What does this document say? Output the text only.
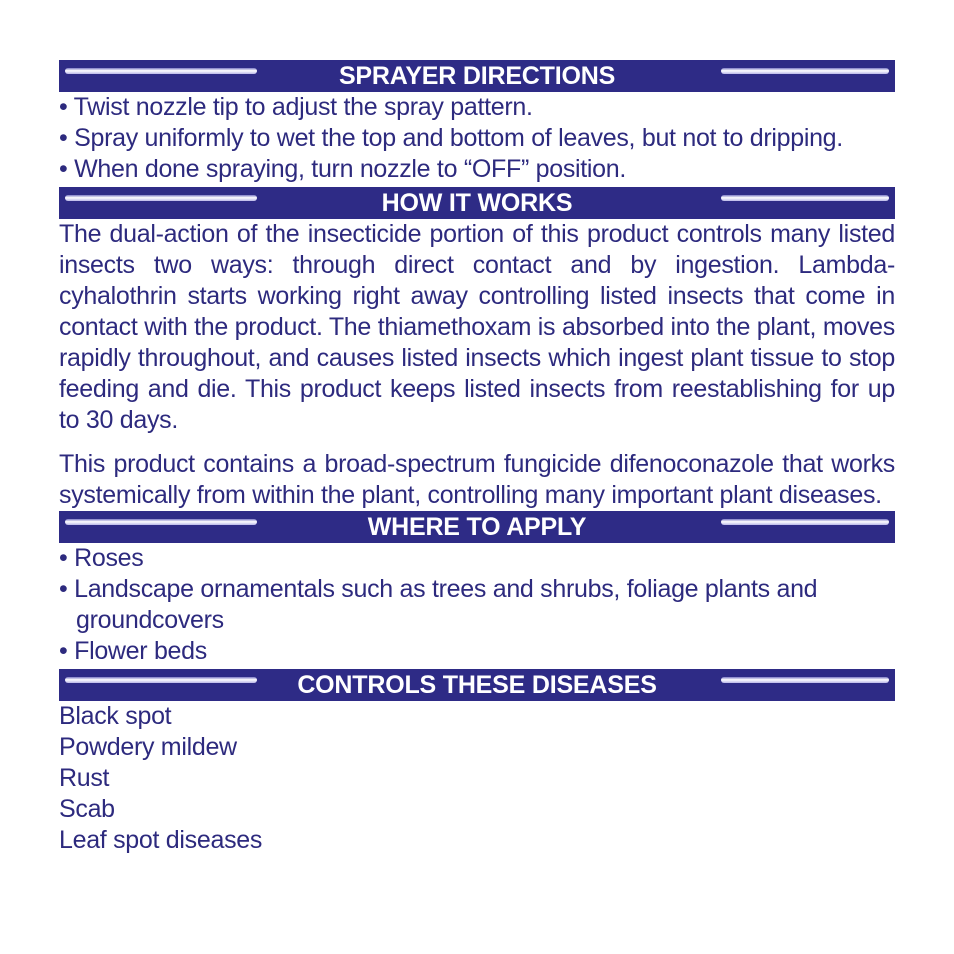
SPRAYER DIRECTIONS
• Twist nozzle tip to adjust the spray pattern.
• Spray uniformly to wet the top and bottom of leaves, but not to dripping.
• When done spraying, turn nozzle to “OFF” position.
HOW IT WORKS
The dual-action of the insecticide portion of this product controls many listed insects two ways: through direct contact and by ingestion. Lambda-cyhalothrin starts working right away controlling listed insects that come in contact with the product. The thiamethoxam is absorbed into the plant, moves rapidly throughout, and causes listed insects which ingest plant tissue to stop feeding and die. This product keeps listed insects from reestablishing for up to 30 days.
This product contains a broad-spectrum fungicide difenoconazole that works systemically from within the plant, controlling many important plant diseases.
WHERE TO APPLY
• Roses
• Landscape ornamentals such as trees and shrubs, foliage plants and
groundcovers
• Flower beds
CONTROLS THESE DISEASES
Black spot
Powdery mildew
Rust
Scab
Leaf spot diseases
